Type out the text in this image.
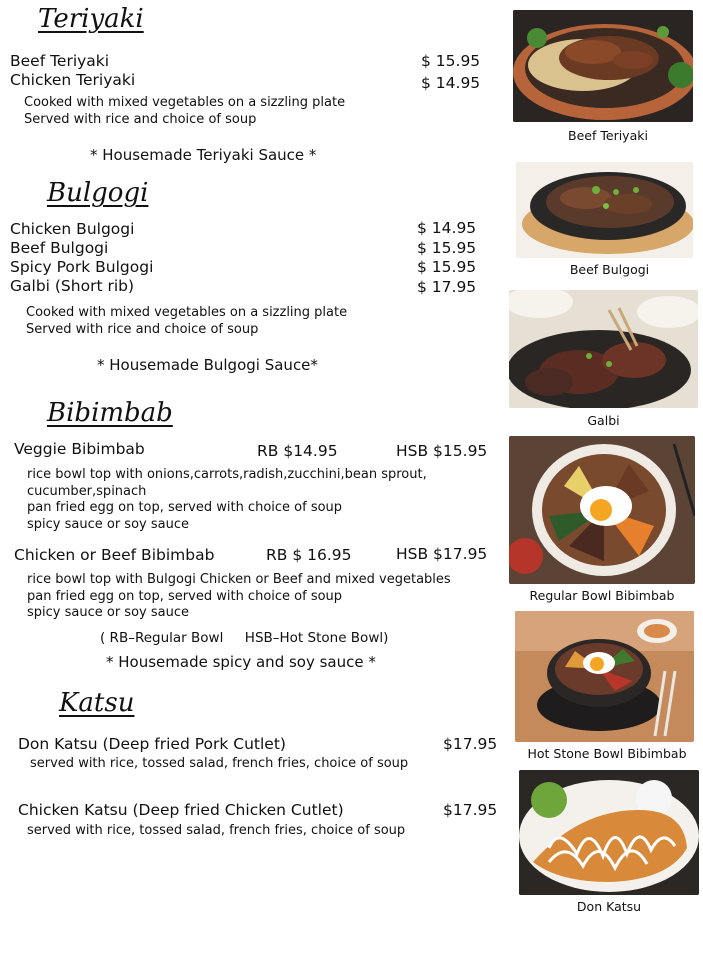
Teriyaki
Beef Teriyaki	$ 15.95
Chicken Teriyaki	$ 14.95
Cooked with mixed vegetables on a sizzling plate
Served with rice and choice of soup
* Housemade Teriyaki Sauce *
Bulgogi
Chicken Bulgogi	$ 14.95
Beef Bulgogi	$ 15.95
Spicy Pork Bulgogi	$ 15.95
Galbi (Short rib)	$ 17.95
Cooked with mixed vegetables on a sizzling plate
Served with rice and choice of soup
* Housemade Bulgogi Sauce*
Bibimbab
Veggie Bibimbab	RB $14.95	HSB $15.95
rice bowl top with onions,carrots,radish,zucchini,bean sprout,
cucumber,spinach
pan fried egg on top, served with choice of soup
spicy sauce or soy sauce
Chicken or Beef Bibimbab	RB $ 16.95	HSB $17.95
rice bowl top with Bulgogi Chicken or Beef and mixed vegetables
pan fried egg on top, served with choice of soup
spicy sauce or soy sauce
( RB–Regular Bowl     HSB–Hot Stone Bowl)
* Housemade spicy and soy sauce *
Katsu
Don Katsu (Deep fried Pork Cutlet)	$17.95
served with rice, tossed salad, french fries, choice of soup
Chicken Katsu (Deep fried Chicken Cutlet)	$17.95
served with rice, tossed salad, french fries, choice of soup
Beef Teriyaki
Beef Bulgogi
Galbi
Regular Bowl Bibimbab
Hot Stone Bowl Bibimbab
Don Katsu
